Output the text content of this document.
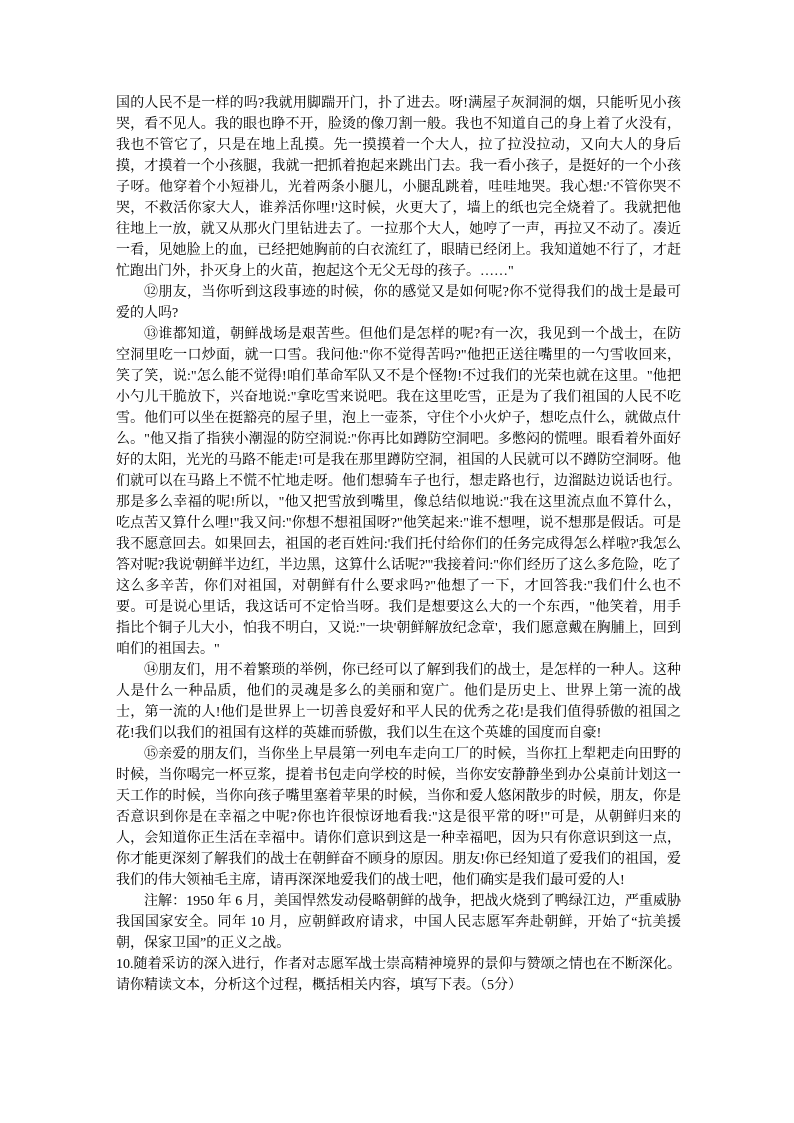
国的人民不是一样的吗?我就用脚踹开门，扑了进去。呀!满屋子灰洞洞的烟，只能听见小孩哭，看不见人。我的眼也睁不开，脸烫的像刀割一般。我也不知道自己的身上着了火没有，我也不管它了，只是在地上乱摸。先一摸摸着一个大人，拉了拉没拉动，又向大人的身后摸，才摸着一个小孩腿，我就一把抓着抱起来跳出门去。我一看小孩子，是挺好的一个小孩子呀。他穿着个小短褂儿，光着两条小腿儿，小腿乱跳着，哇哇地哭。我心想:'不管你哭不哭，不救活你家大人，谁养活你哩!'这时候，火更大了，墙上的纸也完全烧着了。我就把他往地上一放，就又从那火门里钻进去了。一拉那个大人，她哼了一声，再拉又不动了。凑近一看，见她脸上的血，已经把她胸前的白衣流红了，眼睛已经闭上。我知道她不行了，才赶忙跑出门外，扑灭身上的火苗，抱起这个无父无母的孩子。……"

⑫朋友，当你听到这段事迹的时候，你的感觉又是如何呢?你不觉得我们的战士是最可爱的人吗?

⑬谁都知道，朝鲜战场是艰苦些。但他们是怎样的呢?有一次，我见到一个战士，在防空洞里吃一口炒面，就一口雪。我问他:"你不觉得苦吗?"他把正送往嘴里的一勺雪收回来，笑了笑，说:"怎么能不觉得!咱们革命军队又不是个怪物!不过我们的光荣也就在这里。"他把小勺儿干脆放下，兴奋地说:"拿吃雪来说吧。我在这里吃雪，正是为了我们祖国的人民不吃雪。他们可以坐在挺豁亮的屋子里，泡上一壶茶，守住个小火炉子，想吃点什么，就做点什么。"他又指了指狭小潮湿的防空洞说:"你再比如蹲防空洞吧。多憋闷的慌哩。眼看着外面好好的太阳，光光的马路不能走!可是我在那里蹲防空洞，祖国的人民就可以不蹲防空洞呀。他们就可以在马路上不慌不忙地走呀。他们想骑车子也行，想走路也行，边溜跶边说话也行。那是多么幸福的呢!所以，"他又把雪放到嘴里，像总结似地说:"我在这里流点血不算什么，吃点苦又算什么哩!"我又问:"你想不想祖国呀?"他笑起来:"谁不想哩，说不想那是假话。可是我不愿意回去。如果回去，祖国的老百姓问:'我们托付给你们的任务完成得怎么样啦?'我怎么答对呢?我说'朝鲜半边红，半边黑，这算什么话呢?'"我接着问:"你们经历了这么多危险，吃了这么多辛苦，你们对祖国，对朝鲜有什么要求吗?"他想了一下，才回答我:"我们什么也不要。可是说心里话，我这话可不定恰当呀。我们是想要这么大的一个东西，"他笑着，用手指比个铜子儿大小，怕我不明白，又说:"一块'朝鲜解放纪念章'，我们愿意戴在胸脯上，回到咱们的祖国去。"

⑭朋友们，用不着繁琐的举例，你已经可以了解到我们的战士，是怎样的一种人。这种人是什么一种品质，他们的灵魂是多么的美丽和宽广。他们是历史上、世界上第一流的战士，第一流的人!他们是世界上一切善良爱好和平人民的优秀之花!是我们值得骄傲的祖国之花!我们以我们的祖国有这样的英雄而骄傲，我们以生在这个英雄的国度而自豪!

⑮亲爱的朋友们，当你坐上早晨第一列电车走向工厂的时候，当你扛上犁耙走向田野的时候，当你喝完一杯豆浆，提着书包走向学校的时候，当你安安静静坐到办公桌前计划这一天工作的时候，当你向孩子嘴里塞着苹果的时候，当你和爱人悠闲散步的时候，朋友，你是否意识到你是在幸福之中呢?你也许很惊讶地看我:"这是很平常的呀!"可是，从朝鲜归来的人，会知道你正生活在幸福中。请你们意识到这是一种幸福吧，因为只有你意识到这一点，你才能更深刻了解我们的战士在朝鲜奋不顾身的原因。朋友!你已经知道了爱我们的祖国，爱我们的伟大领袖毛主席，请再深深地爱我们的战士吧，他们确实是我们最可爱的人!

注解：1950 年 6 月，美国悍然发动侵略朝鲜的战争，把战火烧到了鸭绿江边，严重威胁我国国家安全。同年 10 月，应朝鲜政府请求，中国人民志愿军奔赴朝鲜，开始了“抗美援朝，保家卫国”的正义之战。

10.随着采访的深入进行，作者对志愿军战士崇高精神境界的景仰与赞颂之情也在不断深化。请你精读文本，分析这个过程，概括相关内容，填写下表。（5分）
